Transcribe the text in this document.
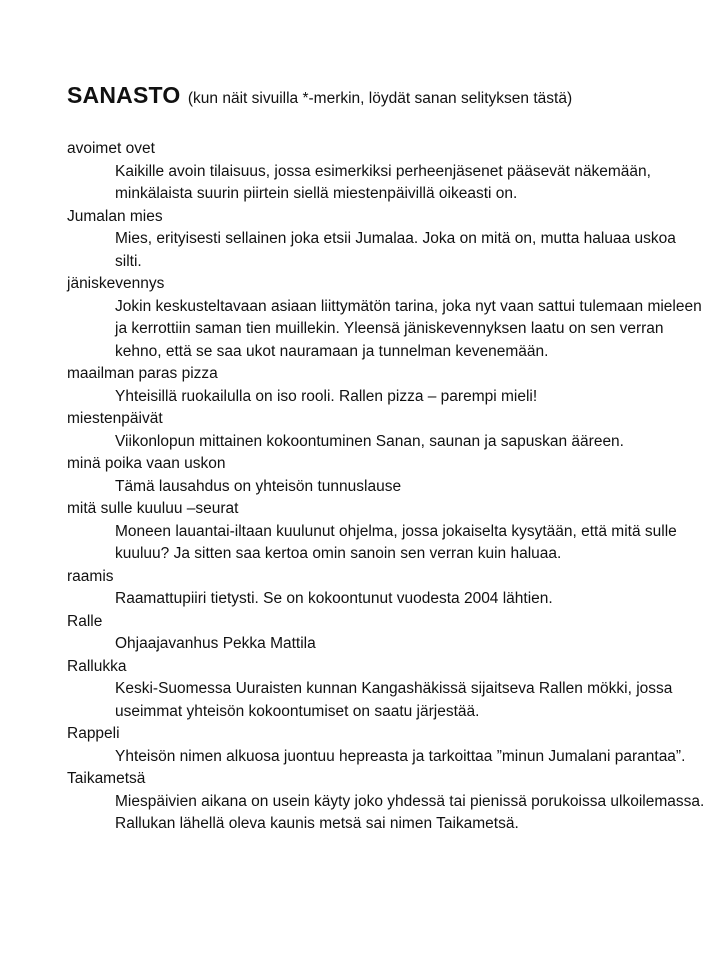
SANASTO (kun näit sivuilla *-merkin, löydät sanan selityksen tästä)
avoimet ovet
Kaikille avoin tilaisuus, jossa esimerkiksi perheenjäsenet pääsevät näkemään, minkälaista suurin piirtein siellä miestenpäivillä oikeasti on.
Jumalan mies
Mies, erityisesti sellainen joka etsii Jumalaa. Joka on mitä on, mutta haluaa uskoa silti.
jäniskevennys
Jokin keskusteltavaan asiaan liittymätön tarina, joka nyt vaan sattui tulemaan mieleen ja kerrottiin saman tien muillekin. Yleensä jäniskevennyksen laatu on sen verran kehno, että se saa ukot nauramaan ja tunnelman kevenemään.
maailman paras pizza
Yhteisillä ruokailulla on iso rooli. Rallen pizza – parempi mieli!
miestenpäivät
Viikonlopun mittainen kokoontuminen Sanan, saunan ja sapuskan ääreen.
minä poika vaan uskon
Tämä lausahdus on yhteisön tunnuslause
mitä sulle kuuluu –seurat
Moneen lauantai-iltaan kuulunut ohjelma, jossa jokaiselta kysytään, että mitä sulle kuuluu? Ja sitten saa kertoa omin sanoin sen verran kuin haluaa.
raamis
Raamattupiiri tietysti. Se on kokoontunut vuodesta 2004 lähtien.
Ralle
Ohjaajavanhus Pekka Mattila
Rallukka
Keski-Suomessa Uuraisten kunnan Kangashäkissä sijaitseva Rallen mökki, jossa useimmat yhteisön kokoontumiset on saatu järjestää.
Rappeli
Yhteisön nimen alkuosa juontuu hepreasta ja tarkoittaa ”minun Jumalani parantaa”.
Taikametsä
Miespäivien aikana on usein käyty joko yhdessä tai pienissä porukoissa ulkoilemassa. Rallukan lähellä oleva kaunis metsä sai nimen Taikametsä.
